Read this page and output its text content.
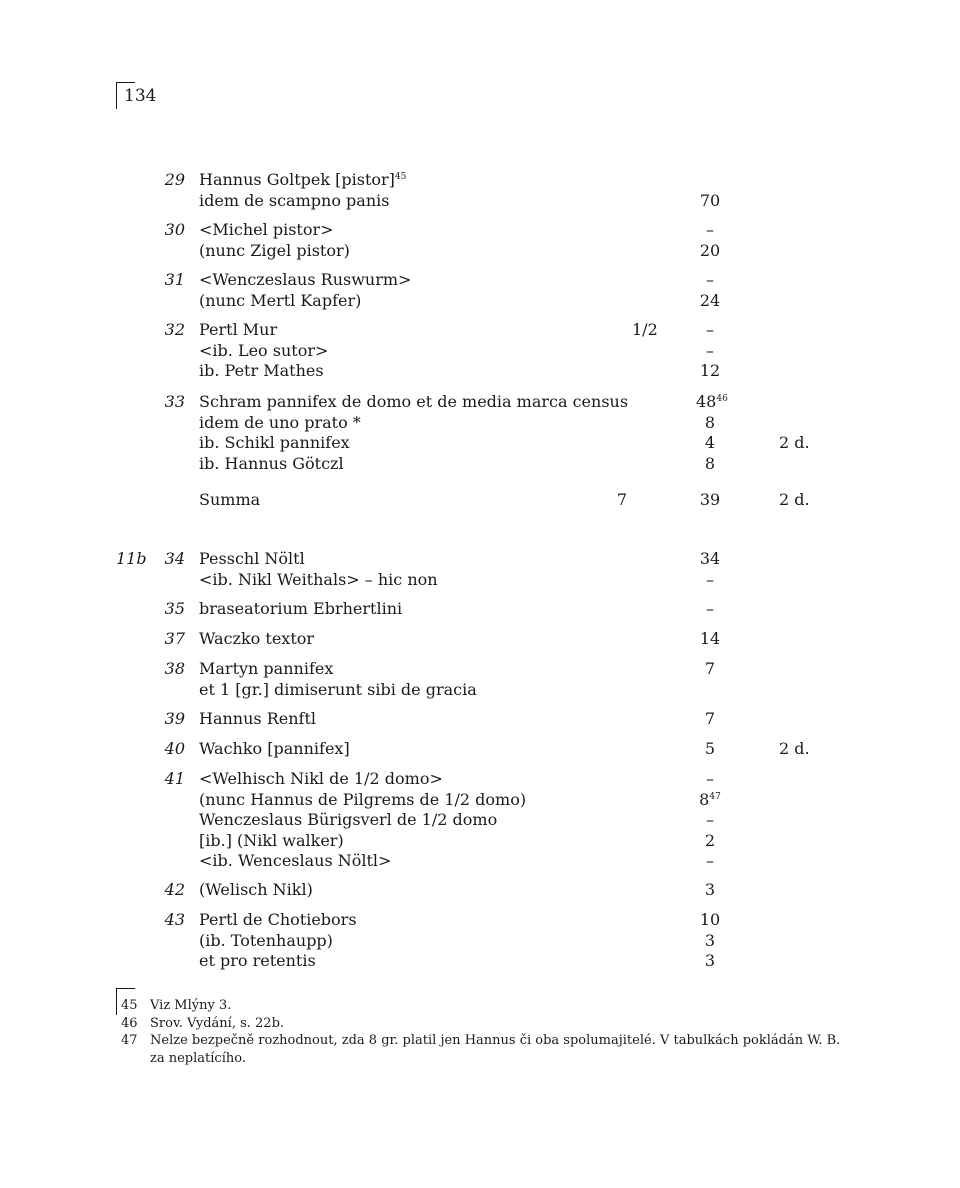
134
29 Hannus Goltpek [pistor]$^{45}$
idem de scampno panis	70
30 <Michel pistor>	–
(nunc Zigel pistor)	20
31 <Wenczeslaus Ruswurm>	–
(nunc Mertl Kapfer)	24
32 Pertl Mur	1/2	–
<ib. Leo sutor>	–
ib. Petr Mathes	12
33 Schram pannifex de domo et de media marca census	$48^{46}$
idem de uno prato *	8
ib. Schikl pannifex	4	2 d.
ib. Hannus Götczl	8
Summa	7	39	2 d.
11b 34 Pesschl Nöltl	34
<ib. Nikl Weithals> – hic non	–
35 braseatorium Ebrhertlini	–
37 Waczko textor	14
38 Martyn pannifex	7
et 1 [gr.] dimiserunt sibi de gracia
39 Hannus Renftl	7
40 Wachko [pannifex]	5	2 d.
41 <Welhisch Nikl de 1/2 domo>	–
(nunc Hannus de Pilgrems de 1/2 domo)	$8^{47}$
Wenczeslaus Bürigsverl de 1/2 domo	–
[ib.] (Nikl walker)	2
<ib. Wenceslaus Nöltl>	–
42 (Welisch Nikl)	3
43 Pertl de Chotiebors	10
(ib. Totenhaupp)	3
et pro retentis	3
45 Viz Mlýny 3.
46 Srov. Vydání, s. 22b.
47 Nelze bezpečně rozhodnout, zda 8 gr. platil jen Hannus či oba spolumajitelé. V tabulkách pokládán W. B. za neplatícího.
